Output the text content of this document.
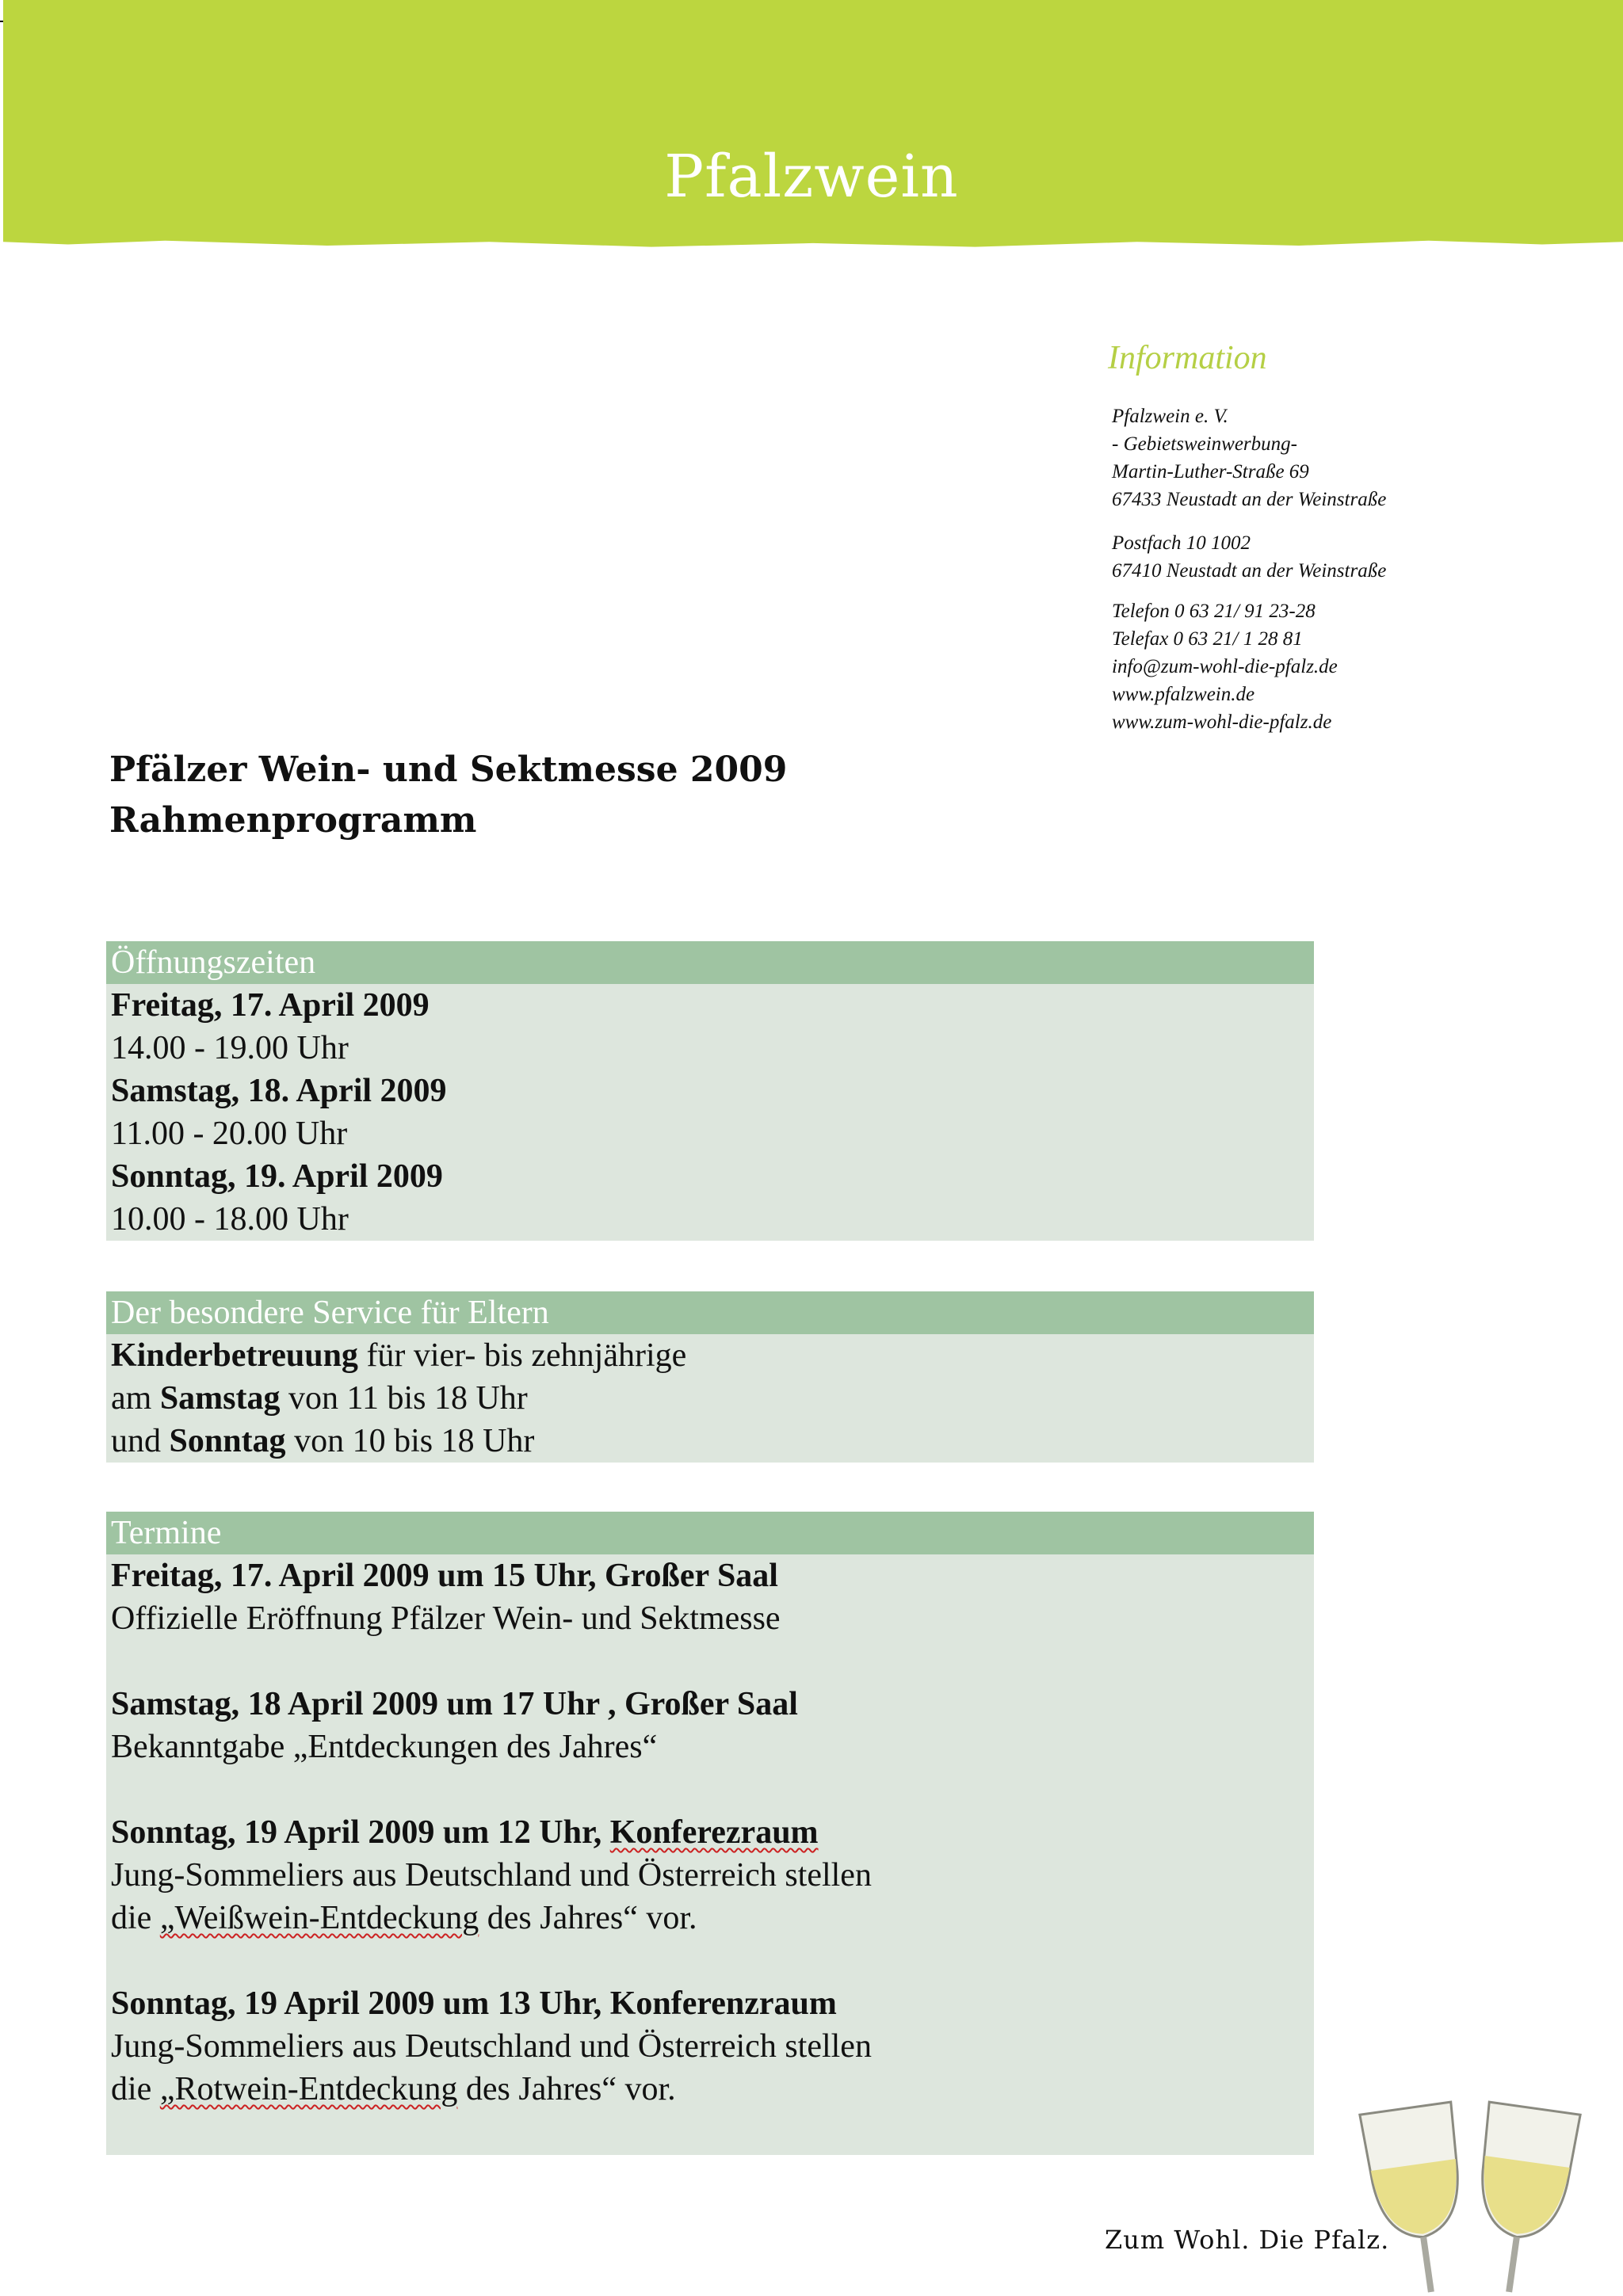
Pfalzwein
Information
Pfalzwein e. V.
- Gebietsweinwerbung-
Martin-Luther-Straße 69
67433 Neustadt an der Weinstraße
Postfach 10 1002
67410 Neustadt an der Weinstraße
Telefon 0 63 21/ 91 23-28
Telefax 0 63 21/ 1 28 81
info@zum-wohl-die-pfalz.de
www.pfalzwein.de
www.zum-wohl-die-pfalz.de
Pfälzer Wein- und Sektmesse 2009
Rahmenprogramm
Öffnungszeiten
Freitag, 17. April 2009
14.00 - 19.00 Uhr
Samstag, 18. April 2009
11.00 - 20.00 Uhr
Sonntag, 19. April 2009
10.00 - 18.00 Uhr
Der besondere Service für Eltern
Kinderbetreuung für vier- bis zehnjährige
am Samstag von 11 bis 18 Uhr
und Sonntag von 10 bis 18 Uhr
Termine
Freitag, 17. April 2009 um 15 Uhr, Großer Saal
Offizielle Eröffnung Pfälzer Wein- und Sektmesse
Samstag, 18 April 2009 um 17 Uhr , Großer Saal
Bekanntgabe „Entdeckungen des Jahres“
Sonntag, 19 April 2009 um 12 Uhr, Konferezraum
Jung-Sommeliers aus Deutschland und Österreich stellen
die „Weißwein-Entdeckung des Jahres“ vor.
Sonntag, 19 April 2009 um 13 Uhr, Konferenzraum
Jung-Sommeliers aus Deutschland und Österreich stellen
die „Rotwein-Entdeckung des Jahres“ vor.
Zum Wohl. Die Pfalz.
